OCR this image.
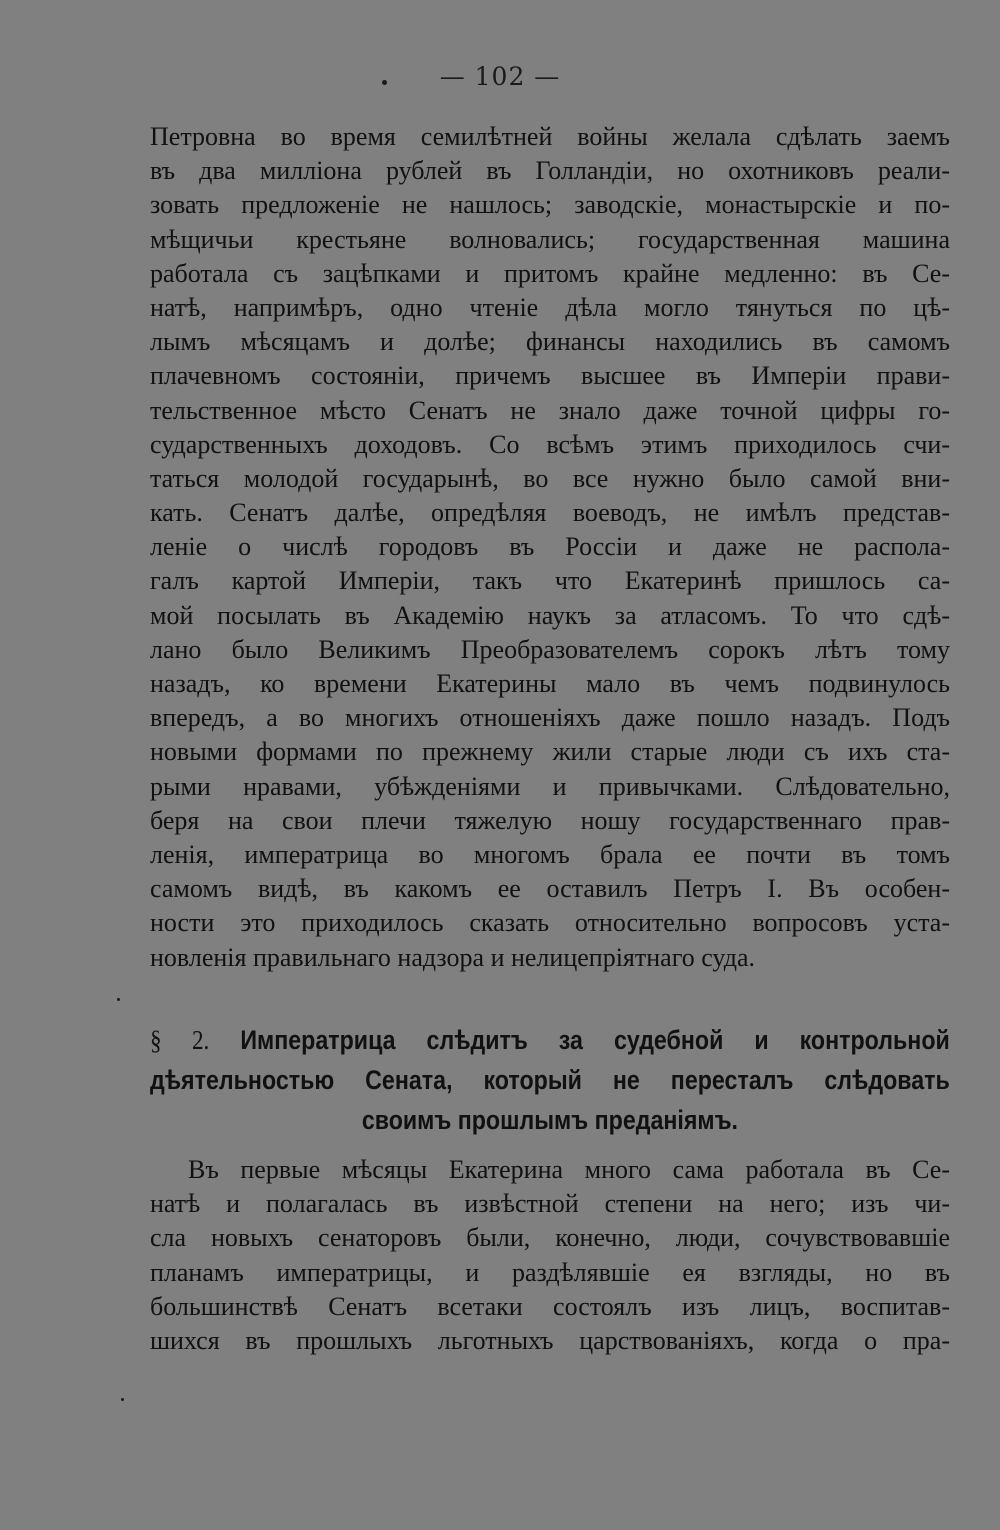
— 102 —
Петровна во время семилѣтней войны желала сдѣлать заемъ
въ два милліона рублей въ Голландіи, но охотниковъ реали-
зовать предложеніе не нашлось; заводскіе, монастырскіе и по-
мѣщичьи крестьяне волновались; государственная машина
работала съ зацѣпками и притомъ крайне медленно: въ Се-
натѣ, напримѣръ, одно чтеніе дѣла могло тянуться по цѣ-
лымъ мѣсяцамъ и долѣе; финансы находились въ самомъ
плачевномъ состояніи, причемъ высшее въ Имперіи прави-
тельственное мѣсто Сенатъ не знало даже точной цифры го-
сударственныхъ доходовъ. Со всѣмъ этимъ приходилось счи-
таться молодой государынѣ, во все нужно было самой вни-
кать. Сенатъ далѣе, опредѣляя воеводъ, не имѣлъ представ-
леніе о числѣ городовъ въ Россіи и даже не распола-
галъ картой Имперіи, такъ что Екатеринѣ пришлось са-
мой посылать въ Академію наукъ за атласомъ. То что сдѣ-
лано было Великимъ Преобразователемъ сорокъ лѣтъ тому
назадъ, ко времени Екатерины мало въ чемъ подвинулось
впередъ, а во многихъ отношеніяхъ даже пошло назадъ. Подъ
новыми формами по прежнему жили старые люди съ ихъ ста-
рыми нравами, убѣжденіями и привычками. Слѣдовательно,
беря на свои плечи тяжелую ношу государственнаго прав-
ленія, императрица во многомъ брала ее почти въ томъ
самомъ видѣ, въ какомъ ее оставилъ Петръ I. Въ особен-
ности это приходилось сказать относительно вопросовъ уста-
новленія правильнаго надзора и нелицепріятнаго суда.
§ 2. Императрица слѣдитъ за судебной и контрольной
дѣятельностью Сената, который не пересталъ слѣдовать
своимъ прошлымъ преданіямъ.
Въ первые мѣсяцы Екатерина много сама работала въ Се-
натѣ и полагалась въ извѣстной степени на него; изъ чи-
сла новыхъ сенаторовъ были, конечно, люди, сочувствовавшіе
планамъ императрицы, и раздѣлявшіе ея взгляды, но въ
большинствѣ Сенатъ всетаки состоялъ изъ лицъ, воспитав-
шихся въ прошлыхъ льготныхъ царствованіяхъ, когда о пра-
